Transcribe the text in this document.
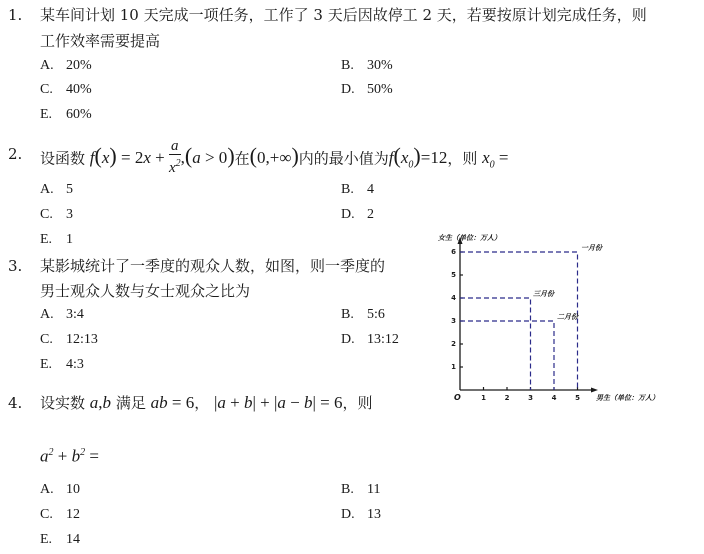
1. 某车间计划 10 天完成一项任务，工作了 3 天后因故停工 2 天，若要按原计划完成任务，则
工作效率需要提高
A. 20%	B. 30%
C. 40%	D. 50%
E. 60%
2. 设函数 $f(x) = 2x + \frac{a}{x^2} ,(a > 0)$在(0,+∞)内的最小值为$f(x_0)=12$，则 $x_0$ =
A. 5	B. 4
C. 3	D. 2
E. 1
3. 某影城统计了一季度的观众人数，如图，则一季度的
男士观众人数与女士观众之比为
A. 3:4	B. 5:6
C. 12:13	D. 13:12
E. 4:3	1
2
3
4
5
6
1	2	3	4	5
O
女生（单位：万人）
男生（单位：万人）
一月份
二月份
三月份
4. 设实数 a,b 满足 ab = 6， |a + b| + |a − b| = 6，则
$a^2 + b^2$ =
A. 10	B. 11
C. 12	D. 13
E. 14
